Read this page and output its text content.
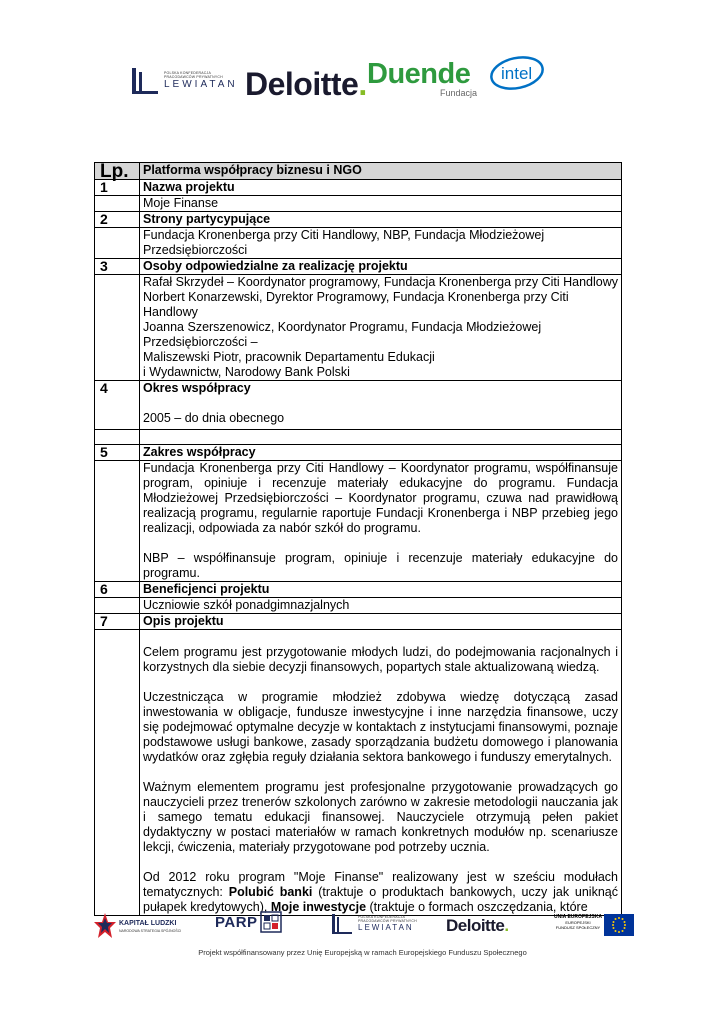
POLSKA KONFEDERACJA
PRACODAWCÓW PRYWATNYCH
LEWIATAN Deloitte. Duende
Fundacja
intel
Lp.	Platforma współpracy biznesu i NGO
1	Nazwa projektu
	Moje Finanse
2	Strony partycypujące
	Fundacja Kronenberga przy Citi Handlowy, NBP, Fundacja Młodzieżowej Przedsiębiorczości
3	Osoby odpowiedzialne za realizację projektu

	Rafał Skrzydeł – Koordynator programowy, Fundacja Kronenberga przy Citi Handlowy
Norbert Konarzewski, Dyrektor Programowy, Fundacja Kronenberga przy Citi Handlowy
Joanna Szerszenowicz, Koordynator Programu, Fundacja Młodzieżowej Przedsiębiorczości –
Maliszewski Piotr, pracownik Departamentu Edukacji
i Wydawnictw, Narodowy Bank Polski

4	Okres współpracy
2005 – do dnia obecnego

5	Zakres współpracy

	Fundacja Kronenberga przy Citi Handlowy – Koordynator programu, współfinansuje program, opiniuje i recenzuje materiały edukacyjne do programu. Fundacja Młodzieżowej Przedsiębiorczości – Koordynator programu, czuwa nad prawidłową realizacją programu, regularnie raportuje Fundacji Kronenberga i NBP przebieg jego realizacji, odpowiada za nabór szkół do programu.
NBP – współfinansuje program, opiniuje i recenzuje materiały edukacyjne do programu.

6	Beneficjenci projektu
	Uczniowie szkół ponadgimnazjalnych
7	Opis projektu

	Celem programu jest przygotowanie młodych ludzi, do podejmowania racjonalnych i korzystnych dla siebie decyzji finansowych, popartych stale aktualizowaną wiedzą.
Uczestnicząca w programie młodzież zdobywa wiedzę dotyczącą zasad inwestowania w obligacje, fundusze inwestycyjne i inne narzędzia finansowe, uczy się podejmować optymalne decyzje w kontaktach z instytucjami finansowymi, poznaje podstawowe usługi bankowe, zasady sporządzania budżetu domowego i planowania wydatków oraz zgłębia reguły działania sektora bankowego i funduszy emerytalnych.
Ważnym elementem programu jest profesjonalne przygotowanie prowadzących go nauczycieli przez trenerów szkolonych zarówno w zakresie metodologii nauczania jak i samego tematu edukacji finansowej. Nauczyciele otrzymują pełen pakiet dydaktyczny w postaci materiałów w ramach konkretnych modułów np. scenariusze lekcji, ćwiczenia, materiały przygotowane pod potrzeby ucznia.
Od 2012 roku program "Moje Finanse" realizowany jest w sześciu modułach tematycznych: Polubić banki (traktuje o produktach bankowych, uczy jak uniknąć pułapek kredytowych), Moje inwestycje (traktuje o formach oszczędzania, które
KAPITAŁ LUDZKI
NARODOWA STRATEGIA SPÓJNOŚCI PARP	POLSKA KONFEDERACJA
PRACODAWCÓW PRYWATNYCH
LEWIATAN Deloitte.	UNIA EUROPEJSKA
EUROPEJSKI
FUNDUSZ SPOŁECZNY
Projekt współfinansowany przez Unię Europejską w ramach Europejskiego Funduszu Społecznego
